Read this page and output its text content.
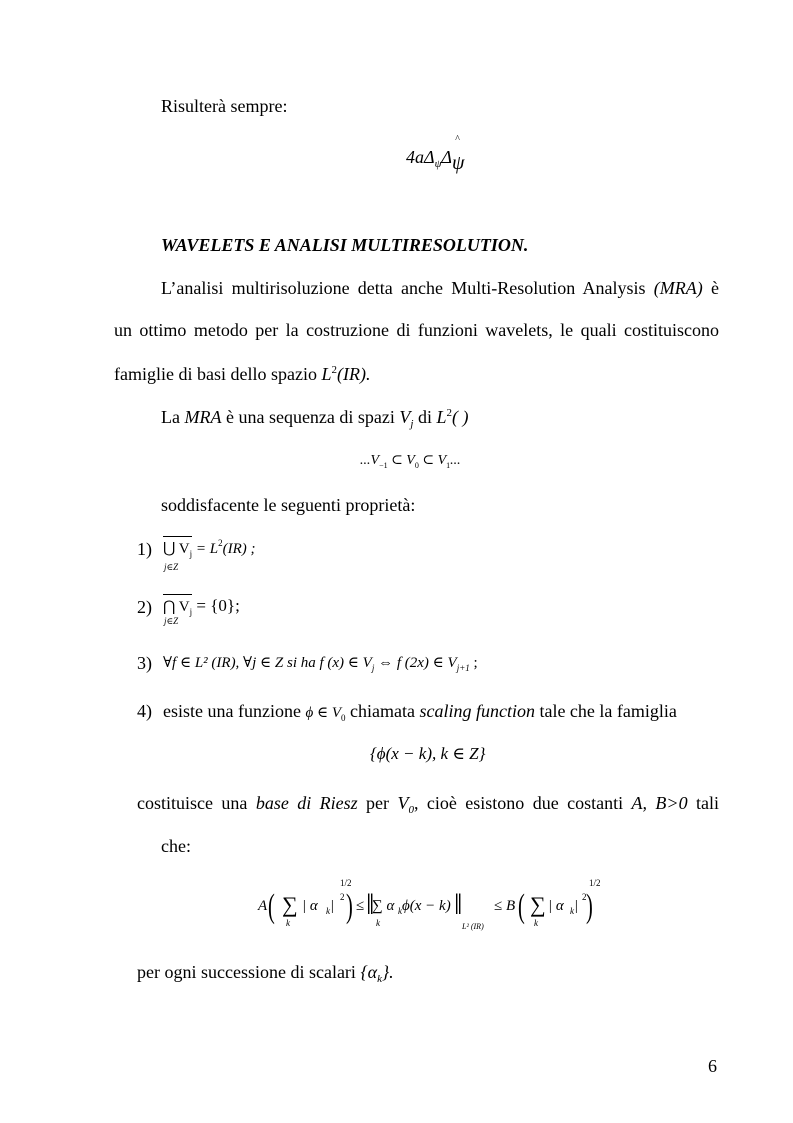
Risulterà sempre:
$4a\Delta_\psi\Delta$
^
ψ
WAVELETS E ANALISI MULTIRESOLUTION.
L’analisi multirisoluzione detta anche Multi-Resolution Analysis (MRA) è
un ottimo metodo per la costruzione di funzioni wavelets, le quali costituiscono
famiglie di basi dello spazio $L^2(IR)$.
La MRA è una sequenza di spazi $V_j$ di $L^2$( )
$...V_{-1}$ ⊂ $V_0$ ⊂ $V_1$...
soddisfacente le seguenti proprietà:
1) ⋃ $V_j = L^2(IR)$ ;
j∈Z
2) ⋂ $V_j = \{0\}$;
j∈Z
3) ∀f ∈ L² (IR), ∀j ∈ Z si ha f (x) ∈ $V_j$ ⇔ f (2x) ∈ $V_{j+1}$ ;
4) esiste una funzione ϕ ∈ $V_0$ chiamata scaling function tale che la famiglia
{ϕ(x − k), k ∈ Z}
costituisce una base di Riesz per $V_0$, cioè esistono due costanti A, B>0 tali
che:
A ( ∑
k
| α k |
2 )
1/2
≤ ‖ ∑ α
k
k ϕ(x − k) ‖
L² (IR)
≤ B ( ∑
k
| α k |
2 )
1/2
per ogni successione di scalari $\{\alpha_k\}$.
6
